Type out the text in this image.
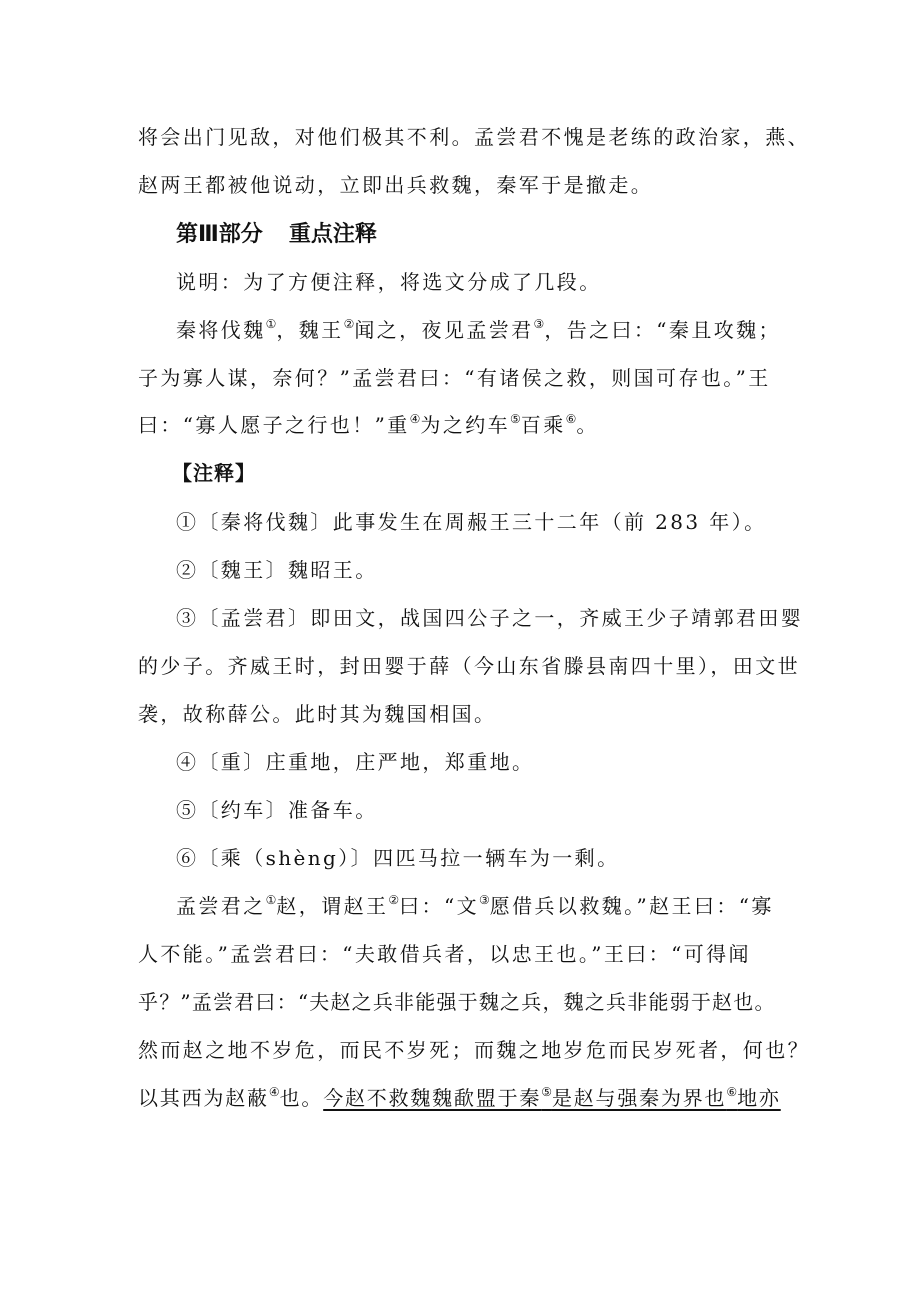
将会出门见敌，对他们极其不利。孟尝君不愧是老练的政治家，燕、
赵两王都被他说动，立即出兵救魏，秦军于是撤走。
第Ⅲ部分 重点注释
说明：为了方便注释，将选文分成了几段。
秦将伐魏①，魏王②闻之，夜见孟尝君③，告之曰：“秦且攻魏；
子为寡人谋，奈何？”孟尝君曰：“有诸侯之救，则国可存也。”王
曰：“寡人愿子之行也！”重④为之约车⑤百乘⑥。
【注释】
①〔秦将伐魏〕此事发生在周赧王三十二年（前 283 年）。
②〔魏王〕魏昭王。
③〔孟尝君〕即田文，战国四公子之一，齐威王少子靖郭君田婴
的少子。齐威王时，封田婴于薛（今山东省滕县南四十里），田文世
袭，故称薛公。此时其为魏国相国。
④〔重〕庄重地，庄严地，郑重地。
⑤〔约车〕准备车。
⑥〔乘（shèng）〕四匹马拉一辆车为一剩。
孟尝君之①赵，谓赵王②曰：“文③愿借兵以救魏。”赵王曰：“寡
人不能。”孟尝君曰：“夫敢借兵者，以忠王也。”王曰：“可得闻
乎？”孟尝君曰：“夫赵之兵非能强于魏之兵，魏之兵非能弱于赵也。
然而赵之地不岁危，而民不岁死；而魏之地岁危而民岁死者，何也？
以其西为赵蔽④也。今赵不救魏魏歃盟于秦⑤是赵与强秦为界也⑥地亦
